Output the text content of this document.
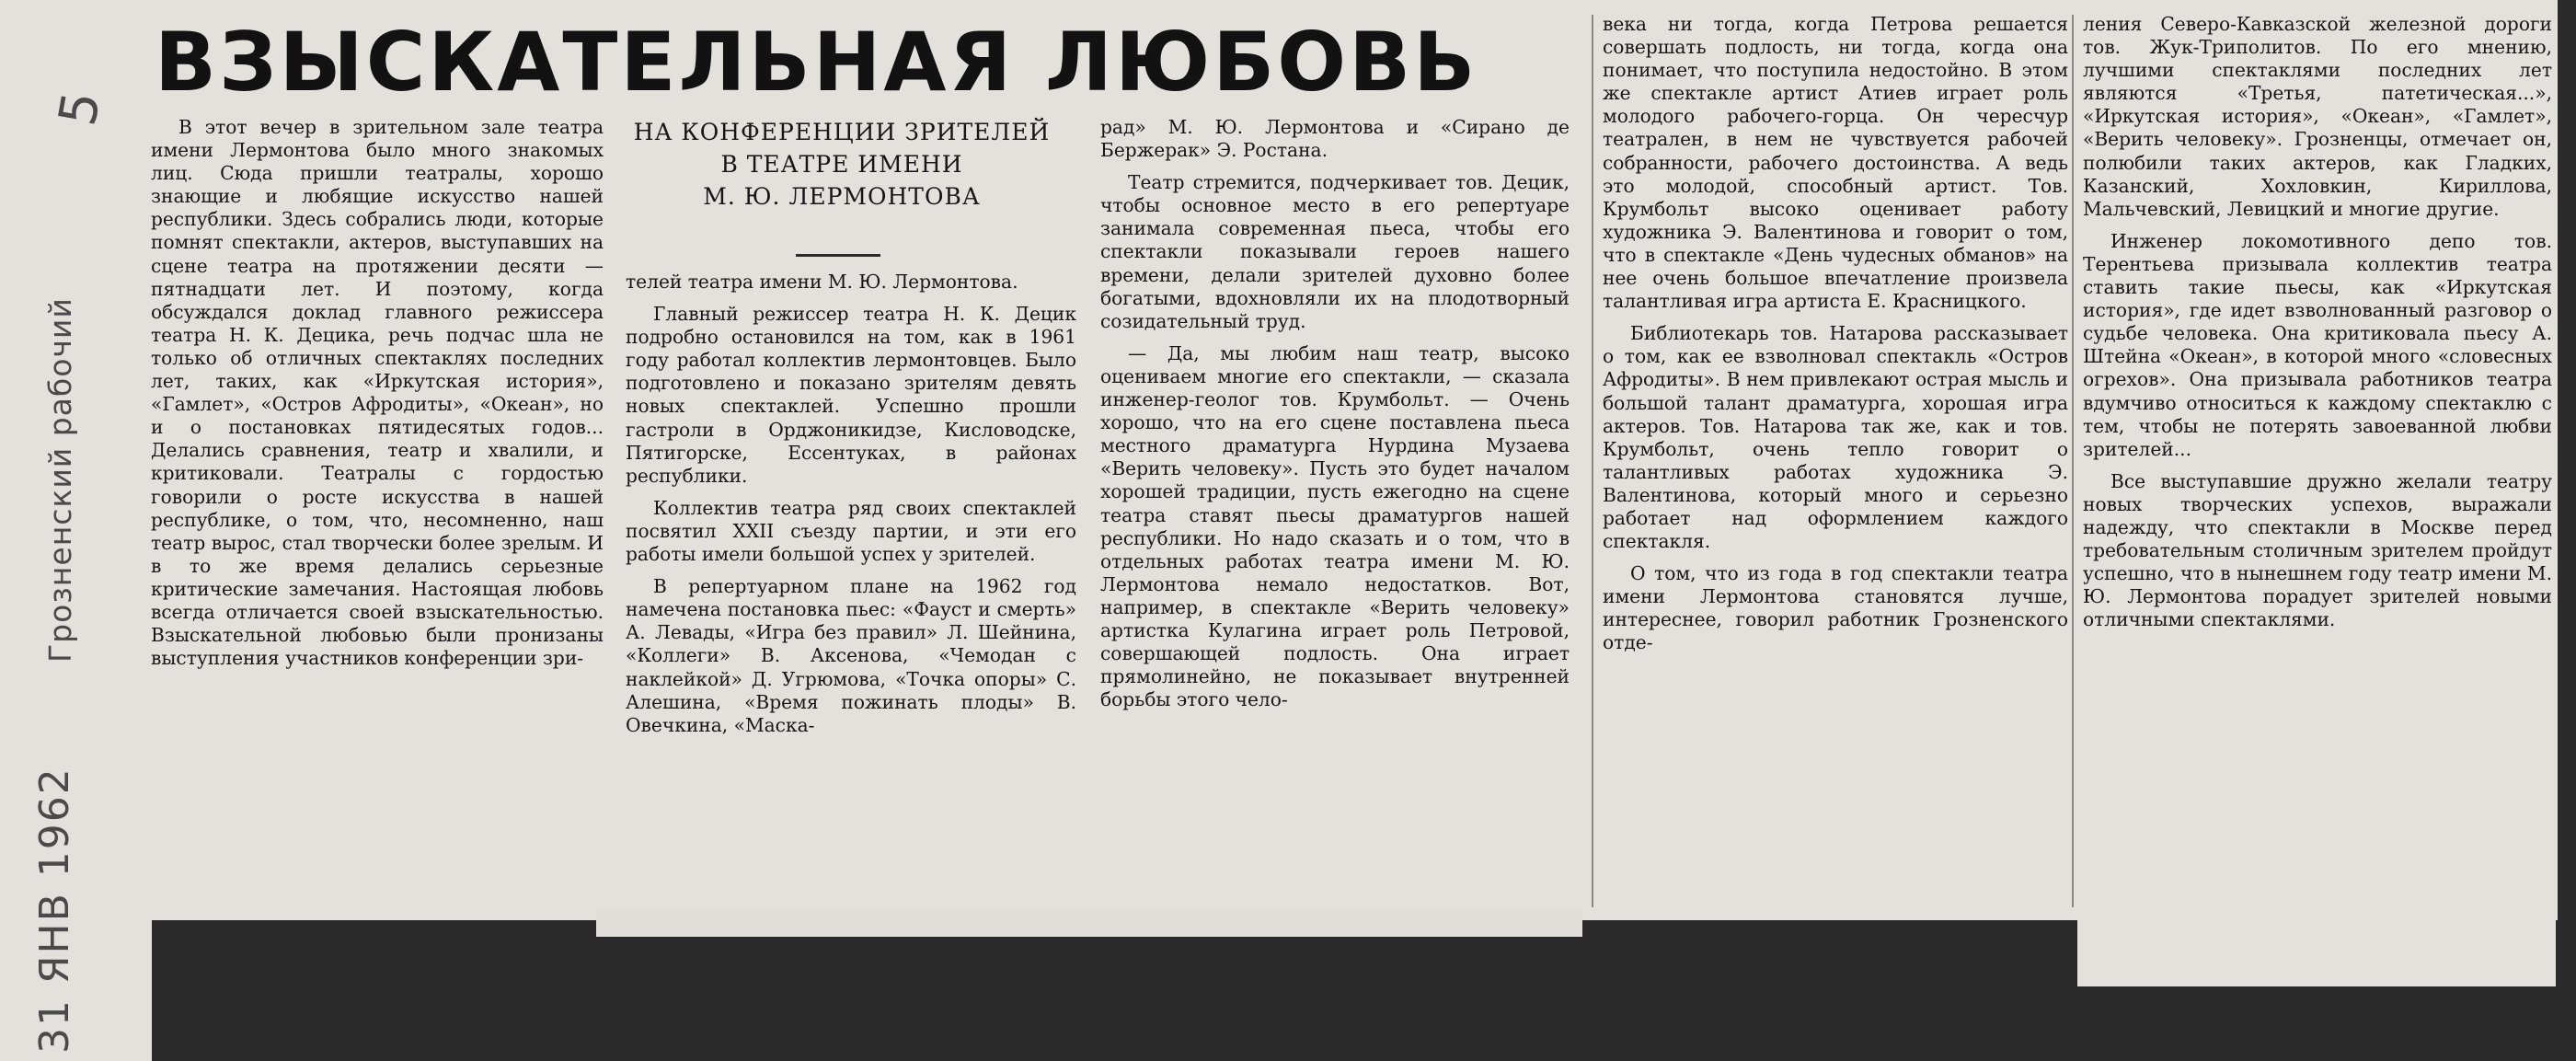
5
Грозненский рабочий
31 ЯНВ 1962
ВЗЫСКАТЕЛЬНАЯ ЛЮБОВЬ
НА КОНФЕРЕНЦИИ ЗРИТЕЛЕЙ
В ТЕАТРЕ ИМЕНИ
М. Ю. ЛЕРМОНТОВА

В этот вечер в зрительном зале театра имени Лермонтова было много знакомых лиц. Сюда пришли театралы, хорошо знающие и любящие искусство нашей республики. Здесь собрались люди, которые помнят спектакли, актеров, выступавших на сцене театра на протяжении десяти — пятнадцати лет. И поэтому, когда обсуждался доклад главного режиссера театра Н. К. Децика, речь подчас шла не только об отличных спектаклях последних лет, таких, как «Иркутская история», «Гамлет», «Остров Афродиты», «Океан», но и о постановках пятидесятых годов... Делались сравнения, театр и хвалили, и критиковали. Театралы с гордостью говорили о росте искусства в нашей республике, о том, что, несомненно, наш театр вырос, стал творчески более зрелым. И в то же время делались серьезные критические замечания. Настоящая любовь всегда отличается своей взыскательностью. Взыскательной любовью были пронизаны выступления участников конференции зри-

телей театра имени М. Ю. Лермонтова.

Главный режиссер театра Н. К. Децик подробно остановился на том, как в 1961 году работал коллектив лермонтовцев. Было подготовлено и показано зрителям девять новых спектаклей. Успешно прошли гастроли в Орджоникидзе, Кисловодске, Пятигорске, Ессентуках, в районах республики.

Коллектив театра ряд своих спектаклей посвятил XXII съезду партии, и эти его работы имели большой успех у зрителей.

В репертуарном плане на 1962 год намечена постановка пьес: «Фауст и смерть» А. Левады, «Игра без правил» Л. Шейнина, «Коллеги» В. Аксенова, «Чемодан с наклейкой» Д. Угрюмова, «Точка опоры» С. Алешина, «Время пожинать плоды» В. Овечкина, «Маска-

рад» М. Ю. Лермонтова и «Сирано де Бержерак» Э. Ростана.

Театр стремится, подчеркивает тов. Децик, чтобы основное место в его репертуаре занимала современная пьеса, чтобы его спектакли показывали героев нашего времени, делали зрителей духовно более богатыми, вдохновляли их на плодотворный созидательный труд.

— Да, мы любим наш театр, высоко оцениваем многие его спектакли, — сказала инженер-геолог тов. Крумбольт. — Очень хорошо, что на его сцене поставлена пьеса местного драматурга Нурдина Музаева «Верить человеку». Пусть это будет началом хорошей традиции, пусть ежегодно на сцене театра ставят пьесы драматургов нашей республики. Но надо сказать и о том, что в отдельных работах театра имени М. Ю. Лермонтова немало недостатков. Вот, например, в спектакле «Верить человеку» артистка Кулагина играет роль Петровой, совершающей подлость. Она играет прямолинейно, не показывает внутренней борьбы этого чело-

века ни тогда, когда Петрова решается совершать подлость, ни тогда, когда она понимает, что поступила недостойно. В этом же спектакле артист Атиев играет роль молодого рабочего-горца. Он чересчур театрален, в нем не чувствуется рабочей собранности, рабочего достоинства. А ведь это молодой, способный артист. Тов. Крумбольт высоко оценивает работу художника Э. Валентинова и говорит о том, что в спектакле «День чудесных обманов» на нее очень большое впечатление произвела талантливая игра артиста Е. Красницкого.

Библиотекарь тов. Натарова рассказывает о том, как ее взволновал спектакль «Остров Афродиты». В нем привлекают острая мысль и большой талант драматурга, хорошая игра актеров. Тов. Натарова так же, как и тов. Крумбольт, очень тепло говорит о талантливых работах художника Э. Валентинова, который много и серьезно работает над оформлением каждого спектакля.

О том, что из года в год спектакли театра имени Лермонтова становятся лучше, интереснее, говорил работник Грозненского отде-

ления Северо-Кавказской железной дороги тов. Жук-Триполитов. По его мнению, лучшими спектаклями последних лет являются «Третья, патетическая...», «Иркутская история», «Океан», «Гамлет», «Верить человеку». Грозненцы, отмечает он, полюбили таких актеров, как Гладких, Казанский, Хохловкин, Кириллова, Мальчевский, Левицкий и многие другие.

Инженер локомотивного депо тов. Терентьева призывала коллектив театра ставить такие пьесы, как «Иркутская история», где идет взволнованный разговор о судьбе человека. Она критиковала пьесу А. Штейна «Океан», в которой много «словесных огрехов». Она призывала работников театра вдумчиво относиться к каждому спектаклю с тем, чтобы не потерять завоеванной любви зрителей...

Все выступавшие дружно желали театру новых творческих успехов, выражали надежду, что спектакли в Москве перед требовательным столичным зрителем пройдут успешно, что в нынешнем году театр имени М. Ю. Лермонтова порадует зрителей новыми отличными спектаклями.
